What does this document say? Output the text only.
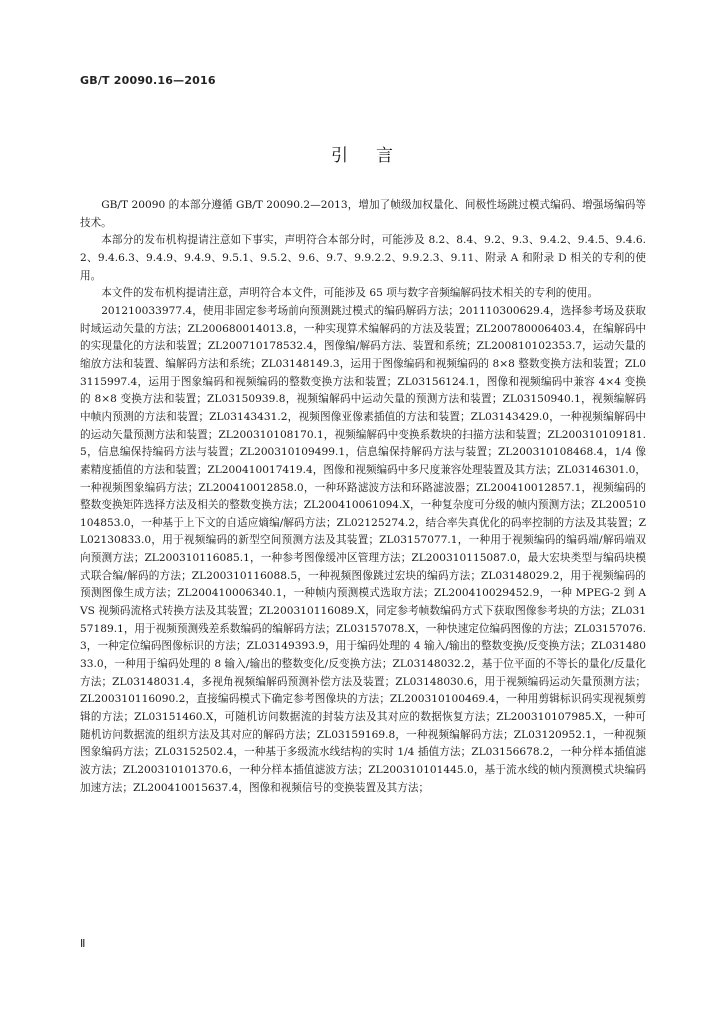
GB/T 20090.16—2016
引言

GB/T 20090 的本部分遵循 GB/T 20090.2—2013，增加了帧级加权量化、间极性场跳过模式编码、增强场编码等技术。

本部分的发布机构提请注意如下事实，声明符合本部分时，可能涉及 8.2、8.4、9.2、9.3、9.4.2、9.4.5、9.4.6.2、9.4.6.3、9.4.9、9.4.9、9.5.1、9.5.2、9.6、9.7、9.9.2.2、9.9.2.3、9.11、附录 A 和附录 D 相关的专利的使用。

本文件的发布机构提请注意，声明符合本文件，可能涉及 65 项与数字音频编解码技术相关的专利的使用。

201210033977.4，使用非固定参考场前向预测跳过模式的编码解码方法；201110300629.4，选择参考场及获取时域运动矢量的方法；ZL200680014013.8，一种实现算术编解码的方法及装置；ZL200780006403.4，在编解码中的实现量化的方法和装置；ZL200710178532.4，图像编/解码方法、装置和系统；ZL200810102353.7，运动矢量的缩放方法和装置、编解码方法和系统；ZL03148149.3，运用于图像编码和视频编码的 8×8 整数变换方法和装置；ZL03115997.4，运用于图象编码和视频编码的整数变换方法和装置；ZL03156124.1，图像和视频编码中兼容 4×4 变换的 8×8 变换方法和装置；ZL03150939.8，视频编解码中运动矢量的预测方法和装置；ZL03150940.1，视频编解码中帧内预测的方法和装置；ZL03143431.2，视频图像亚像素插值的方法和装置；ZL03143429.0，一种视频编解码中的运动矢量预测方法和装置；ZL200310108170.1，视频编解码中变换系数块的扫描方法和装置；ZL200310109181.5，信息编保持编码方法与装置；ZL200310109499.1，信息编保持解码方法与装置；ZL200310108468.4，1/4 像素精度插值的方法和装置；ZL200410017419.4，图像和视频编码中多尺度兼容处理装置及其方法；ZL03146301.0，一种视频图象编码方法；ZL200410012858.0，一种环路滤波方法和环路滤波器；ZL200410012857.1，视频编码的整数变换矩阵选择方法及相关的整数变换方法；ZL200410061094.X，一种复杂度可分级的帧内预测方法；ZL200510104853.0，一种基于上下文的自适应熵编/解码方法；ZL02125274.2，结合率失真优化的码率控制的方法及其装置；ZL02130833.0，用于视频编码的新型空间预测方法及其装置；ZL03157077.1，一种用于视频编码的编码端/解码端双向预测方法；ZL200310116085.1，一种参考图像缓冲区管理方法；ZL200310115087.0，最大宏块类型与编码块模式联合编/解码的方法；ZL200310116088.5，一种视频图像跳过宏块的编码方法；ZL03148029.2，用于视频编码的预测图像生成方法；ZL200410006340.1，一种帧内预测模式选取方法；ZL200410029452.9，一种 MPEG-2 到 AVS 视频码流格式转换方法及其装置；ZL200310116089.X，同定参考帧数编码方式下获取图像参考块的方法；ZL03157189.1，用于视频预测残差系数编码的编解码方法；ZL03157078.X，一种快速定位编码图像的方法；ZL03157076.3，一种定位编码图像标识的方法；ZL03149393.9，用于编码处理的 4 输入/输出的整数变换/反变换方法；ZL03148033.0，一种用于编码处理的 8 输入/输出的整数变化/反变换方法；ZL03148032.2，基于位平面的不等长的量化/反量化方法；ZL03148031.4，多视角视频编解码预测补偿方法及装置；ZL03148030.6，用于视频编码运动矢量预测方法；ZL200310116090.2，直接编码模式下确定参考图像块的方法；ZL200310100469.4，一种用剪辑标识码实现视频剪辑的方法；ZL03151460.X，可随机访问数据流的封装方法及其对应的数据恢复方法；ZL200310107985.X，一种可随机访问数据流的组织方法及其对应的解码方法；ZL03159169.8，一种视频编解码方法；ZL03120952.1，一种视频图象编码方法；ZL03152502.4，一种基于多级流水线结构的实时 1/4 插值方法；ZL03156678.2，一种分样本插值滤波方法；ZL200310101370.6，一种分样本插值滤波方法；ZL200310101445.0，基于流水线的帧内预测模式块编码加速方法；ZL200410015637.4，图像和视频信号的变换装置及其方法；

Ⅱ
